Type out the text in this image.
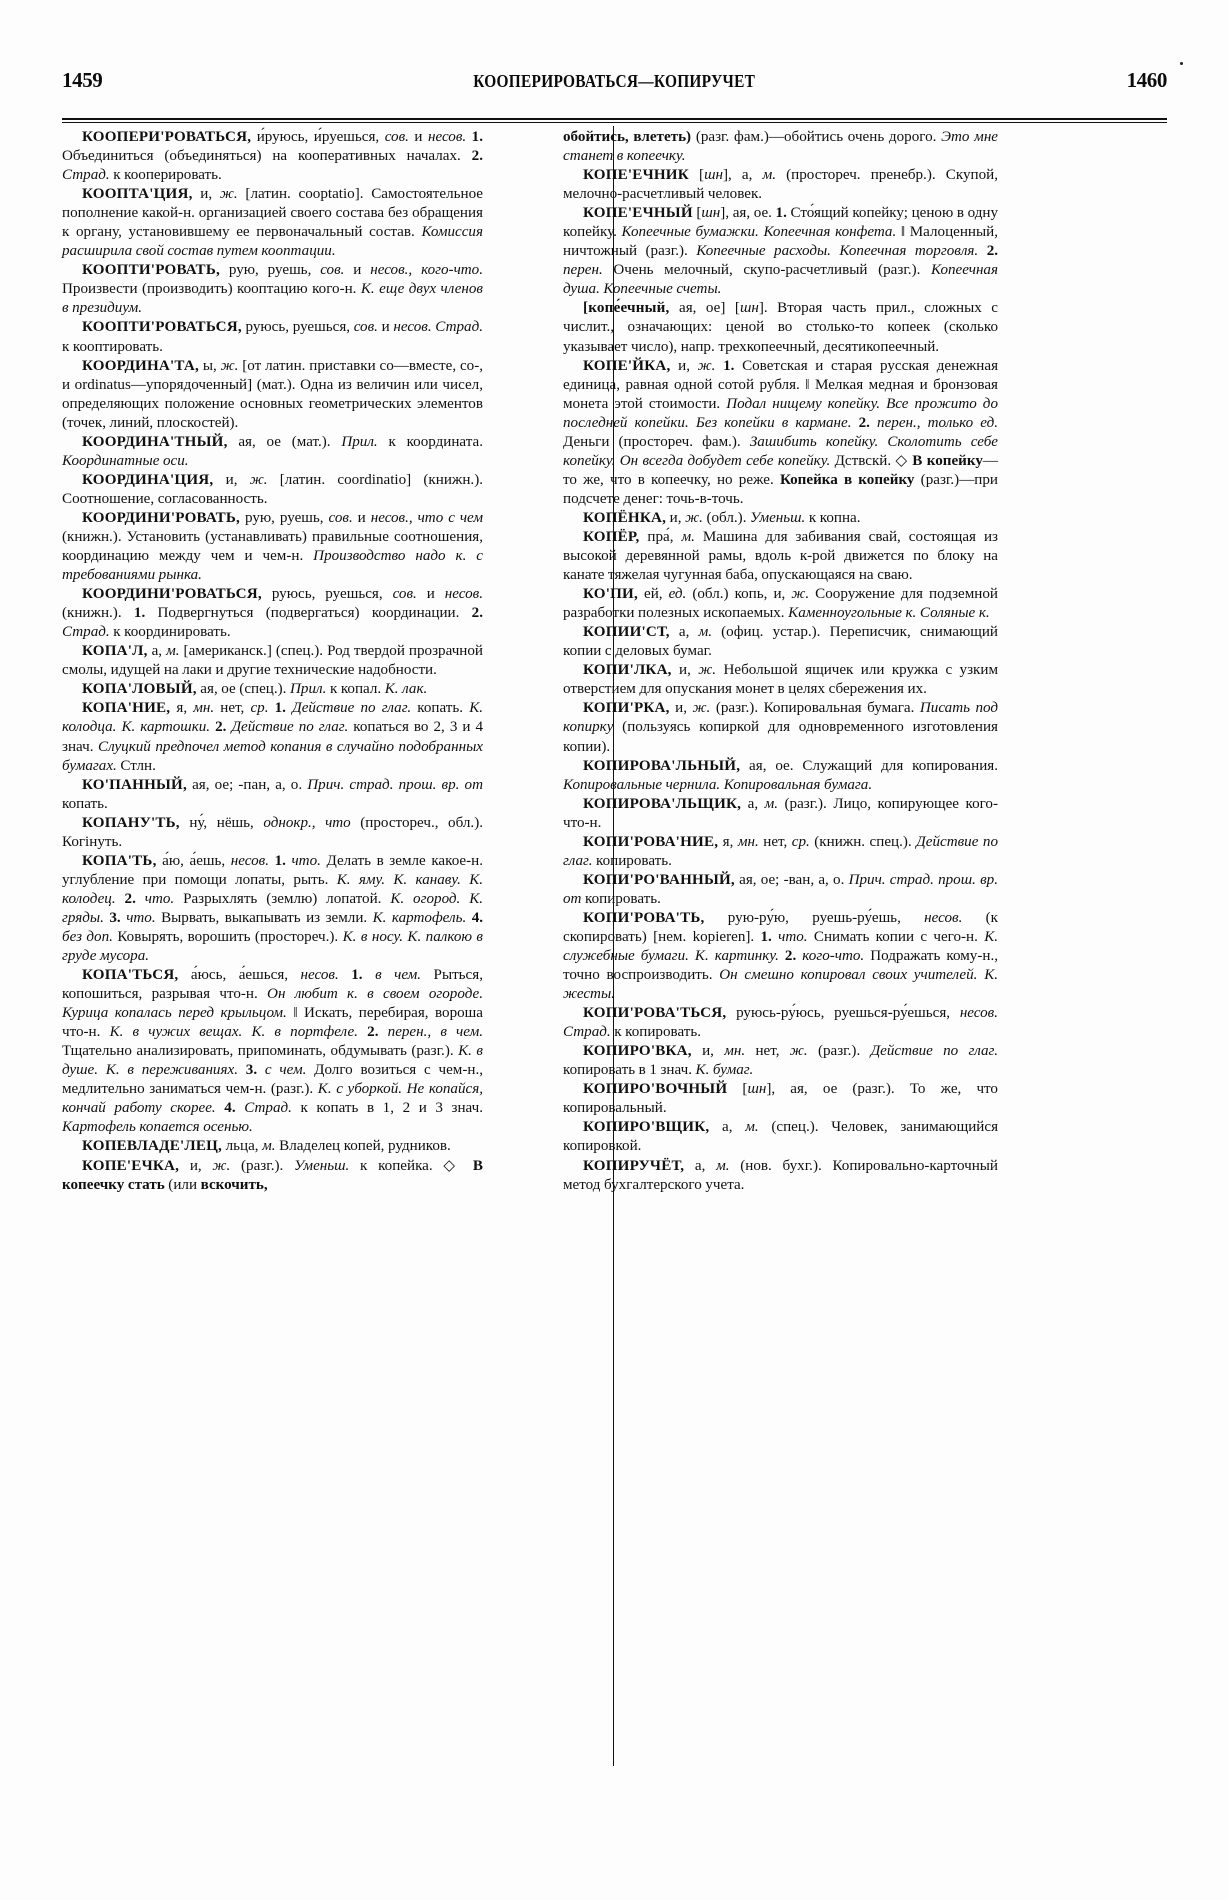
1459	КООПЕРИРОВАТЬСЯ—КОПИРУЧЕТ	1460

КООПЕРИ'РОВАТЬСЯ, и́руюсь, и́руешься, сов. и несов. 1. Объединиться (объединяться) на кооперативных началах. 2. Страд. к кооперировать.

КООПТА'ЦИЯ, и, ж. [латин. cooptatio]. Самостоятельное пополнение какой-н. организацией своего состава без обращения к органу, установившему ее первоначальный состав. Комиссия расширила свой состав путем кооптации.

КООПТИ'РОВАТЬ, рую, руешь, сов. и несов., кого-что. Произвести (производить) кооптацию кого-н. К. еще двух членов в президиум.

КООПТИ'РОВАТЬСЯ, руюсь, руешься, сов. и несов. Страд. к кооптировать.

КООРДИНА'ТА, ы, ж. [от латин. приставки co—вместе, co-, и ordinatus—упорядоченный] (мат.). Одна из величин или чисел, определяющих положение основных геометрических элементов (точек, линий, плоскостей).

КООРДИНА'ТНЫЙ, ая, ое (мат.). Прил. к координата. Координатные оси.

КООРДИНА'ЦИЯ, и, ж. [латин. coordinatio] (книжн.). Соотношение, согласованность.

КООРДИНИ'РОВАТЬ, рую, руешь, сов. и несов., что с чем (книжн.). Установить (устанавливать) правильные соотношения, координацию между чем и чем-н. Производство надо к. с требованиями рынка.

КООРДИНИ'РОВАТЬСЯ, руюсь, руешься, сов. и несов. (книжн.). 1. Подвергнуться (подвергаться) координации. 2. Страд. к координировать.

КОПА'Л, а, м. [американск.] (спец.). Род твердой прозрачной смолы, идущей на лаки и другие технические надобности.

КОПА'ЛОВЫЙ, ая, ое (спец.). Прил. к копал. К. лак.

КОПА'НИЕ, я, мн. нет, ср. 1. Действие по глаг. копать. К. колодца. К. картошки. 2. Действие по глаг. копаться во 2, 3 и 4 знач. Слуцкий предпочел метод копания в случайно подобранных бумагах. Стлн.

КО'ПАННЫЙ, ая, ое; -пан, а, о. Прич. страд. прош. вр. от копать.

КОПАНУ'ТЬ, ну́, нёшь, однокр., что (простореч., обл.). Когінуть.

КОПА'ТЬ, а́ю, а́ешь, несов. 1. что. Делать в земле какое-н. углубление при помощи лопаты, рыть. К. яму. К. канаву. К. колодец. 2. что. Разрыхлять (землю) лопатой. К. огород. К. гряды. 3. что. Вырвать, выкапывать из земли. К. картофель. 4. без доп. Ковырять, ворошить (простореч.). К. в носу. К. палкою в груде мусора.

КОПА'ТЬСЯ, а́юсь, а́ешься, несов. 1. в чем. Рыться, копошиться, разрывая что-н. Он любит к. в своем огороде. Курица копалась перед крыльцом. ‖ Искать, перебирая, вороша что-н. К. в чужих вещах. К. в портфеле. 2. перен., в чем. Тщательно анализировать, припоминать, обдумывать (разг.). К. в душе. К. в переживаниях. 3. с чем. Долго возиться с чем-н., медлительно заниматься чем-н. (разг.). К. с уборкой. Не копайся, кончай работу скорее. 4. Страд. к копать в 1, 2 и 3 знач. Картофель копается осенью.

КОПЕВЛАДЕ'ЛЕЦ, льца, м. Владелец копей, рудников.

КОПЕ'ЕЧКА, и, ж. (разг.). Уменьш. к копейка. ◇ В копеечку стать (или вскочить,

обойтись, влететь) (разг. фам.)—обойтись очень дорого. Это мне станет в копеечку.

КОПЕ'ЕЧНИК [шн], а, м. (простореч. пренебр.). Скупой, мелочно-расчетливый человек.

КОПЕ'ЕЧНЫЙ [шн], ая, ое. 1. Сто́ящий копейку; ценою в одну копейку. Копеечные бумажки. Копеечная конфета. ‖ Малоценный, ничтожный (разг.). Копеечные расходы. Копеечная торговля. 2. перен. Очень мелочный, скупо-расчетливый (разг.). Копеечная душа. Копеечные счеты.

[копе́ечный, ая, ое] [шн]. Вторая часть прил., сложных с числит., означающих: ценой во столько-то копеек (сколько указывает число), напр. трехкопеечный, десятикопеечный.

КОПЕ'ЙКА, и, ж. 1. Советская и старая русская денежная единица, равная одной сотой рубля. ‖ Мелкая медная и бронзовая монета этой стоимости. Подал нищему копейку. Все прожито до последней копейки. Без копейки в кармане. 2. перен., только ед. Деньги (простореч. фам.). Зашибить копейку. Сколотить себе копейку. Он всегда добудет себе копейку. Дствскй. ◇ В копейку—то же, что в копеечку, но реже. Копейка в копейку (разг.)—при подсчете денег: точь-в-точь.

КОПЁНКА, и, ж. (обл.). Уменьш. к копна.

КОПЁР, пра́, м. Машина для забивания свай, состоящая из высокой деревянной рамы, вдоль к-рой движется по блоку на канате тяжелая чугунная баба, опускающаяся на сваю.

КО'ПИ, ей, ед. (обл.) копь, и, ж. Сооружение для подземной разработки полезных ископаемых. Каменноугольные к. Соляные к.

КОПИИ'СТ, а, м. (офиц. устар.). Переписчик, снимающий копии с деловых бумаг.

КОПИ'ЛКА, и, ж. Небольшой ящичек или кружка с узким отверстием для опускания монет в целях сбережения их.

КОПИ'РКА, и, ж. (разг.). Копировальная бумага. Писать под копирку (пользуясь копиркой для одновременного изготовления копии).

КОПИРОВА'ЛЬНЫЙ, ая, ое. Служащий для копирования. Копировальные чернила. Копировальная бумага.

КОПИРОВА'ЛЬЩИК, а, м. (разг.). Лицо, копирующее кого-что-н.

КОПИ'РОВА'НИЕ, я, мн. нет, ср. (книжн. спец.). Действие по глаг. копировать.

КОПИ'РО'ВАННЫЙ, ая, ое; -ван, а, о. Прич. страд. прош. вр. от копировать.

КОПИ'РОВА'ТЬ, рую-ру́ю, руешь-ру́ешь, несов. (к скопировать) [нем. kopieren]. 1. что. Снимать копии с чего-н. К. служебные бумаги. К. картинку. 2. кого-что. Подражать кому-н., точно воспроизводить. Он смешно копировал своих учителей. К. жесты.

КОПИ'РОВА'ТЬСЯ, руюсь-ру́юсь, руешься-ру́ешься, несов. Страд. к копировать.

КОПИРО'ВКА, и, мн. нет, ж. (разг.). Действие по глаг. копировать в 1 знач. К. бумаг.

КОПИРО'ВОЧНЫЙ [шн], ая, ое (разг.). То же, что копировальный.

КОПИРО'ВЩИК, а, м. (спец.). Человек, занимающийся копировкой.

КОПИРУЧЁТ, а, м. (нов. бухг.). Копировально-карточный метод бухгалтерского учета.
